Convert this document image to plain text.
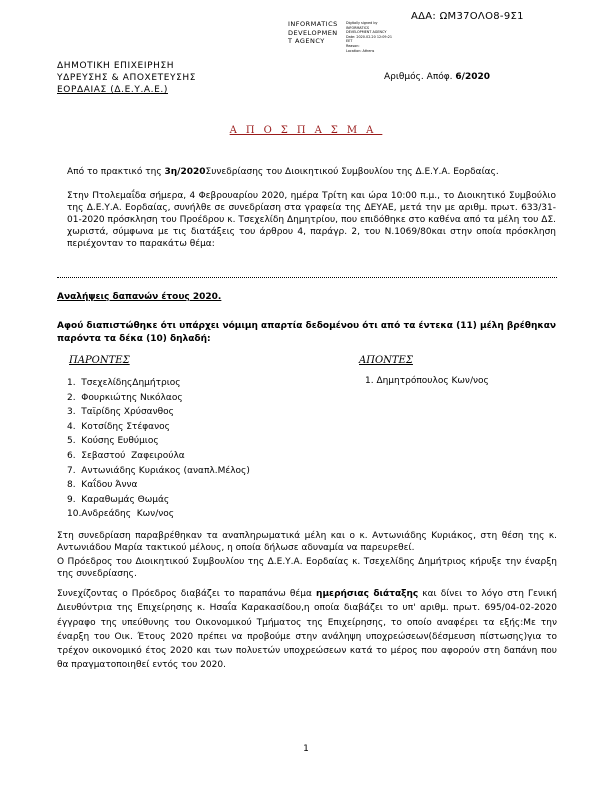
ΑΔΑ: ΩΜ37ΟΛΟ8-9Σ1
INFORMATICS
DEVELOPMEN
T AGENCY
Digitally signed by
INFORMATICS
DEVELOPMENT AGENCY
Date: 2020.02.20 12:09:21
EET
Reason:
Location: Athens
ΔΗΜΟΤΙΚΗ ΕΠΙΧΕΙΡΗΣΗ
ΥΔΡΕΥΣΗΣ & ΑΠΟΧΕΤΕΥΣΗΣ
ΕΟΡΔΑΙΑΣ (Δ.Ε.Υ.Α.Ε.)
Αριθμός. Απόφ. 6/2020
ΑΠΟΣΠΑΣΜΑ
Από το πρακτικό της 3η/2020Συνεδρίασης του Διοικητικού Συμβουλίου της Δ.Ε.Υ.Α. Εορδαίας.
Στην Πτολεμαΐδα σήμερα, 4 Φεβρουαρίου 2020, ημέρα Τρίτη και ώρα 10:00 π.μ., το Διοικητικό Συμβούλιο της Δ.Ε.Υ.Α. Εορδαίας, συνήλθε σε συνεδρίαση στα γραφεία της ΔΕΥΑΕ, μετά την με αριθμ. πρωτ. 633/31-01-2020 πρόσκληση του Προέδρου κ. Τσεχελίδη Δημητρίου, που επιδόθηκε στο καθένα από τα μέλη του ΔΣ. χωριστά, σύμφωνα με τις διατάξεις του άρθρου 4, παράγρ. 2, του Ν.1069/80και στην οποία πρόσκληση περιέχονταν το παρακάτω θέμα:
Αναλήψεις δαπανών έτους 2020.
Αφού διαπιστώθηκε ότι υπάρχει νόμιμη απαρτία δεδομένου ότι από τα έντεκα (11) μέλη βρέθηκαν παρόντα τα δέκα (10) δηλαδή:
ΠΑΡΟΝΤΕΣ	ΑΠΟΝΤΕΣ
1.  ΤσεχελίδηςΔημήτριος
2.  Φουρκιώτης Νικόλαος
3.  Ταϊρίδης Χρύσανθος
4.  Κοτσίδης Στέφανος
5.  Κούσης Ευθύμιος
6.  Σεβαστού  Ζαφειρούλα
7.  Αντωνιάδης Κυριάκος (αναπλ.Μέλος)
8.  Καΐδου Άννα
9.  Καραθωμάς Θωμάς
10.Ανδρεάδης  Κων/νος
1. Δημητρόπουλος Κων/νος
Στη συνεδρίαση παραβρέθηκαν τα αναπληρωματικά μέλη και ο κ. Αντωνιάδης Κυριάκος, στη θέση της κ. Αντωνιάδου Μαρία τακτικού μέλους, η οποία δήλωσε αδυναμία να παρευρεθεί.
Ο Πρόεδρος του Διοικητικού Συμβουλίου της Δ.Ε.Υ.Α. Εορδαίας κ. Τσεχελίδης Δημήτριος κήρυξε την έναρξη της συνεδρίασης.
Συνεχίζοντας ο Πρόεδρος διαβάζει το παραπάνω θέμα ημερήσιας διάταξης και δίνει το λόγο στη Γενική Διευθύντρια της Επιχείρησης κ. Ησαΐα Καρακασίδου,η οποία διαβάζει το υπ' αριθμ. πρωτ. 695/04-02-2020 έγγραφο της υπεύθυνης του Οικονομικού Τμήματος της Επιχείρησης, το οποίο αναφέρει τα εξής:Με την έναρξη του Οικ. Έτους 2020 πρέπει να προβούμε στην ανάληψη υποχρεώσεων(δέσμευση πίστωσης)για το τρέχον οικονομικό έτος 2020 και των πολυετών υποχρεώσεων κατά το μέρος που αφορούν στη δαπάνη που θα πραγματοποιηθεί εντός του 2020.
1
